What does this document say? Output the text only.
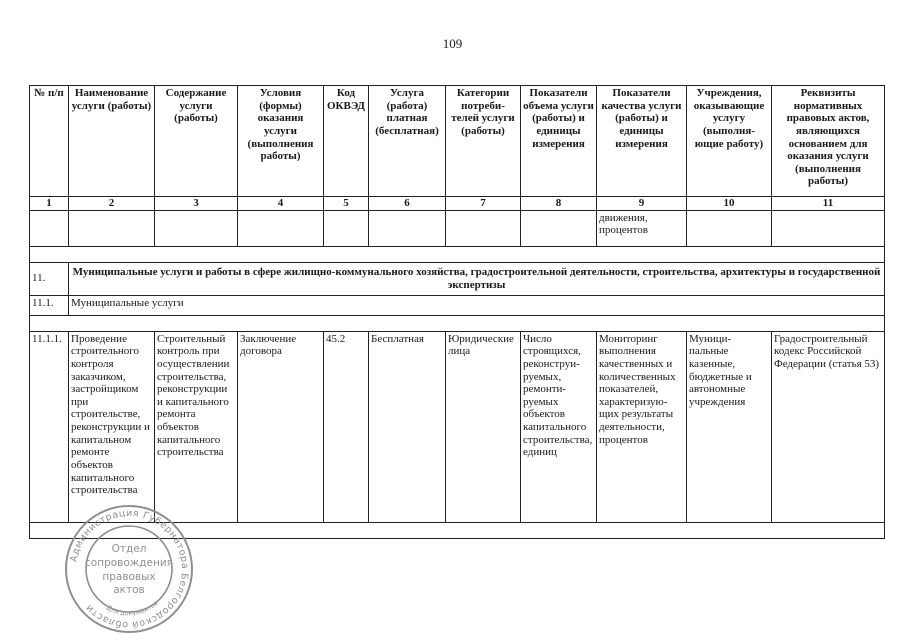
109
№ п/п	Наименование услуги (работы)	Содержание услуги (работы)	Условия (формы) оказания услуги (выполнения работы)	Код ОКВЭД	Услуга (работа) платная (бесплатная)	Категории потреби-телей услуги (работы)	Показатели объема услуги (работы) и единицы измерения	Показатели качества услуги (работы) и единицы измерения	Учреждения, оказывающие услугу (выполня-ющие работу)	Реквизиты нормативных правовых актов, являющихся основанием для оказания услуги (выполнения работы)
1	2	3	4	5	6	7	8	9	10	11
								движения, процентов		

11.	Муниципальные услуги и работы в сфере жилищно-коммунального хозяйства, градостроительной деятельности, строительства, архитектуры и государственной экспертизы									
11.1.	Муниципальные услуги									

11.1.1.	Проведение строительного контроля заказчиком, застройщиком при строительстве, реконструкции и капитальном ремонте объектов капитального строительства	Строительный контроль при осуществлении строительства, реконструкции и капитального ремонта объектов капитального строительства	Заключение договора	45.2	Бесплатная	Юридические лица	Число строящихся, реконструи-руемых, ремонти-руемых объектов капитального строительства, единиц	Мониторинг выполнения качественных и количественных показателей, характеризую-щих результаты деятельности, процентов	Муници-пальные казенные, бюджетные и автономные учреждения	Градостроительный кодекс Российской Федерации (статья 53)

Администрация Губернатора Белгородской области	Для документов
Отдел
сопровождения
правовых
актов
